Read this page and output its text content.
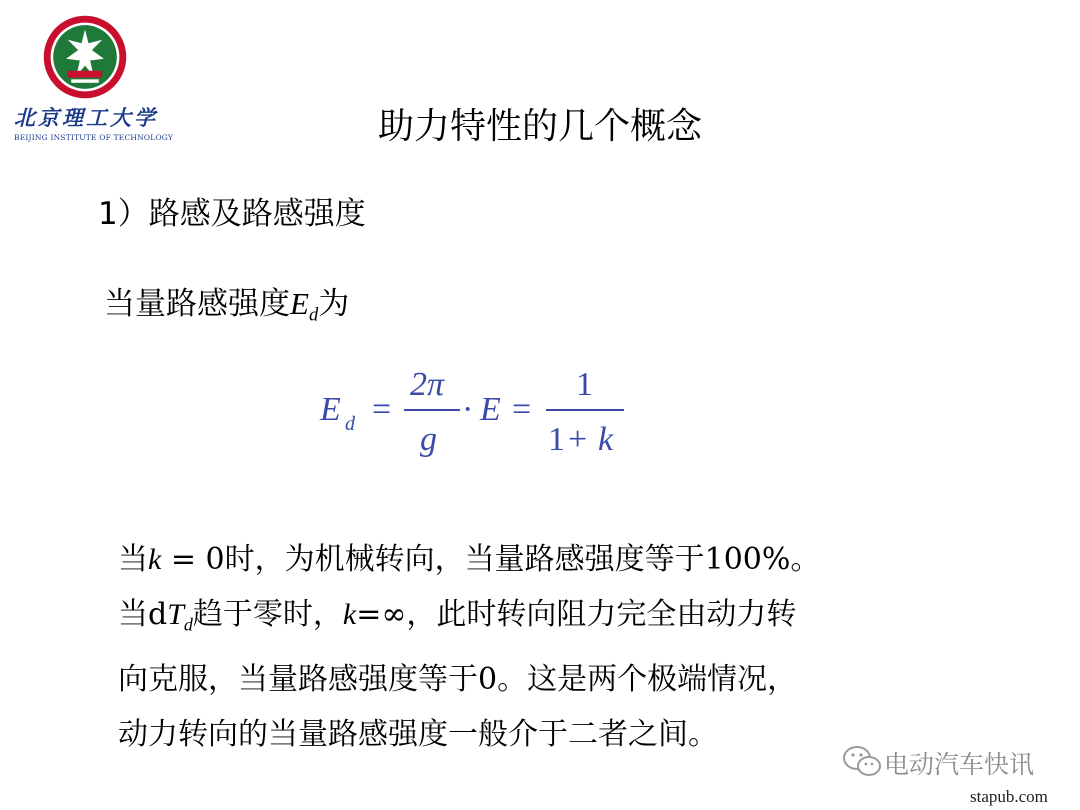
北京理工大学
BEIJING INSTITUTE OF TECHNOLOGY	助力特性的几个概念
1）路感及路感强度
当量路感强度$E_d$为
E d =
2π
g
· E =
1
1 + k
当k = 0时，为机械转向，当量路感强度等于100%。
当$dT_d$趋于零时，k=∞，此时转向阻力完全由动力转
向克服，当量路感强度等于0。这是两个极端情况，
动力转向的当量路感强度一般介于二者之间。
电动汽车快讯
stapub.com
